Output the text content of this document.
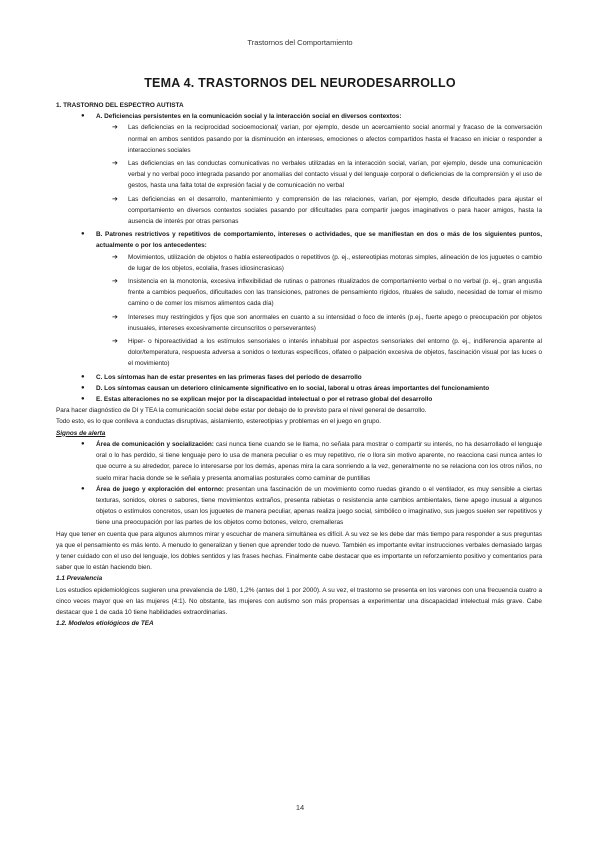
Trastornos del Comportamiento
TEMA 4. TRASTORNOS DEL NEURODESARROLLO

1. TRASTORNO DEL ESPECTRO AUTISTA

● A. Deficiencias persistentes en la comunicación social y la interacción social en diversos contextos:

➔ Las deficiencias en la reciprocidad socioemocional( varían, por ejemplo, desde un acercamiento social anormal y fracaso de la conversación normal en ambos sentidos pasando por la disminución en intereses, emociones o afectos compartidos hasta el fracaso en iniciar o responder a interacciones sociales

➔ Las deficiencias en las conductas comunicativas no verbales utilizadas en la interacción social, varían, por ejemplo, desde una comunicación verbal y no verbal poco integrada pasando por anomalías del contacto visual y del lenguaje corporal o deficiencias de la comprensión y el uso de gestos, hasta una falta total de expresión facial y de comunicación no verbal

➔ Las deficiencias en el desarrollo, mantenimiento y comprensión de las relaciones, varían, por ejemplo, desde dificultades para ajustar el comportamiento en diversos contextos sociales pasando por dificultades para compartir juegos imaginativos o para hacer amigos, hasta la ausencia de interés por otras personas

● B. Patrones restrictivos y repetitivos de comportamiento, intereses o actividades, que se manifiestan en dos o más de los siguientes puntos, actualmente o por los antecedentes:

➔ Movimientos, utilización de objetos o habla estereotipados o repetitivos (p. ej., estereotipias motoras simples, alineación de los juguetes o cambio de lugar de los objetos, ecolalia, frases idiosincrasicas)

➔ Insistencia en la monotonía, excesiva inflexibilidad de rutinas o patrones ritualizados de comportamiento verbal o no verbal (p. ej., gran angustia frente a cambios pequeños, dificultades con las transiciones, patrones de pensamiento rígidos, rituales de saludo, necesidad de tomar el mismo camino o de comer los mismos alimentos cada día)

➔ Intereses muy restringidos y fijos que son anormales en cuanto a su intensidad o foco de interés (p.ej., fuerte apego o preocupación por objetos inusuales, intereses excesivamente circunscritos o perseverantes)

➔ Hiper- o hiporeactividad a los estímulos sensoriales o interés inhabitual por aspectos sensoriales del entorno (p. ej., indiferencia aparente al dolor/temperatura, respuesta adversa a sonidos o texturas específicos, olfateo o palpación excesiva de objetos, fascinación visual por las luces o el movimiento)

● C. Los síntomas han de estar presentes en las primeras fases del período de desarrollo

● D. Los síntomas causan un deterioro clínicamente significativo en lo social, laboral u otras áreas importantes del funcionamiento

● E. Estas alteraciones no se explican mejor por la discapacidad intelectual o por el retraso global del desarrollo

Para hacer diagnóstico de DI y TEA la comunicación social debe estar por debajo de lo previsto para el nivel general de desarrollo.

Todo esto, es lo que conlleva a conductas disruptivas, aislamiento, estereotipias y problemas en el juego en grupo.

Signos de alerta

● Área de comunicación y socialización: casi nunca tiene cuando se le llama, no señala para mostrar o compartir su interés, no ha desarrollado el lenguaje oral o lo has perdido, si tiene lenguaje pero lo usa de manera peculiar o es muy repetitivo, ríe o llora sin motivo aparente, no reacciona casi nunca antes lo que ocurre a su alrededor, parece lo interesarse por los demás, apenas mira la cara sonriendo a la vez, generalmente no se relaciona con los otros niños, no suelo mirar hacia donde se le señala y presenta anomalías posturales como caminar de puntillas

● Área de juego y exploración del entorno: presentan una fascinación de un movimiento como ruedas girando o el ventilador, es muy sensible a ciertas texturas, sonidos, olores o sabores, tiene movimientos extraños, presenta rabietas o resistencia ante cambios ambientales, tiene apego inusual a algunos objetos o estímulos concretos, usan los juguetes de manera peculiar, apenas realiza juego social, simbólico o imaginativo, sus juegos suelen ser repetitivos y tiene una preocupación por las partes de los objetos como botones, velcro, cremalleras

Hay que tener en cuenta que para algunos alumnos mirar y escuchar de manera simultánea es difícil. A su vez se les debe dar más tiempo para responder a sus preguntas ya que el pensamiento es más lento. A menudo lo generalizan y tienen que aprender todo de nuevo. También es importante evitar instrucciones verbales demasiado largas y tener cuidado con el uso del lenguaje, los dobles sentidos y las frases hechas. Finalmente cabe destacar que es importante un reforzamiento positivo y comentarios para saber que lo están haciendo bien.

1.1 Prevalencia

Los estudios epidemiológicos sugieren una prevalencia de 1/80, 1,2% (antes del 1 por 2000). A su vez, el trastorno se presenta en los varones con una frecuencia cuatro a cinco veces mayor que en las mujeres (4:1). No obstante, las mujeres con autismo son más propensas a experimentar una discapacidad intelectual más grave. Cabe destacar que 1 de cada 10 tiene habilidades extraordinarias.

1.2. Modelos etiológicos de TEA

14
